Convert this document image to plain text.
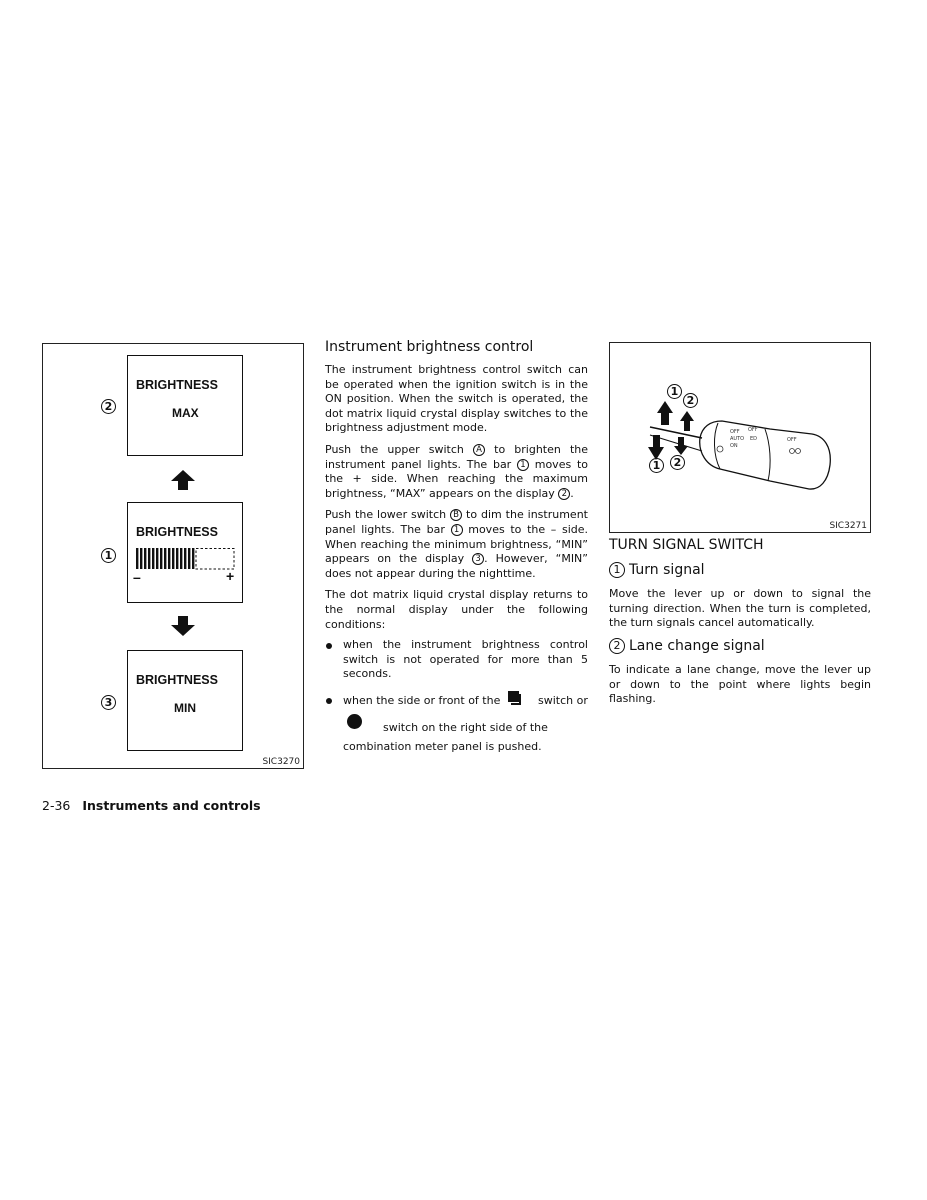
2
BRIGHTNESS
MAX
1
BRIGHTNESS
–	+
3
BRIGHTNESS
MIN
SIC3270
Instrument brightness control

The instrument brightness control switch can be operated when the ignition switch is in the ON position. When the switch is operated, the dot matrix liquid crystal display switches to the brightness adjustment mode.

Push the upper switch A to brighten the instrument panel lights. The bar 1 moves to the + side. When reaching the maximum brightness, “MAX” appears on the display 2 .

Push the lower switch B to dim the instrument panel lights. The bar 1 moves to the – side. When reaching the minimum brightness, “MIN” appears on the display 3 . However, “MIN” does not appear during the nighttime.

The dot matrix liquid crystal display returns to the normal display under the following conditions:

when the instrument brightness control switch is not operated for more than 5 seconds.
when the side or front of the	switch or
switch on the right side of the combination meter panel is pushed.
OFF OFF
AUTO
ON
ED	OFF
1
2
1	2
SIC3271
TURN SIGNAL SWITCH
1 Turn signal
Move the lever up or down to signal the turning direction. When the turn is completed, the turn signals cancel automatically.
2 Lane change signal
To indicate a lane change, move the lever up or down to the point where lights begin flashing.
2-36 Instruments and controls
